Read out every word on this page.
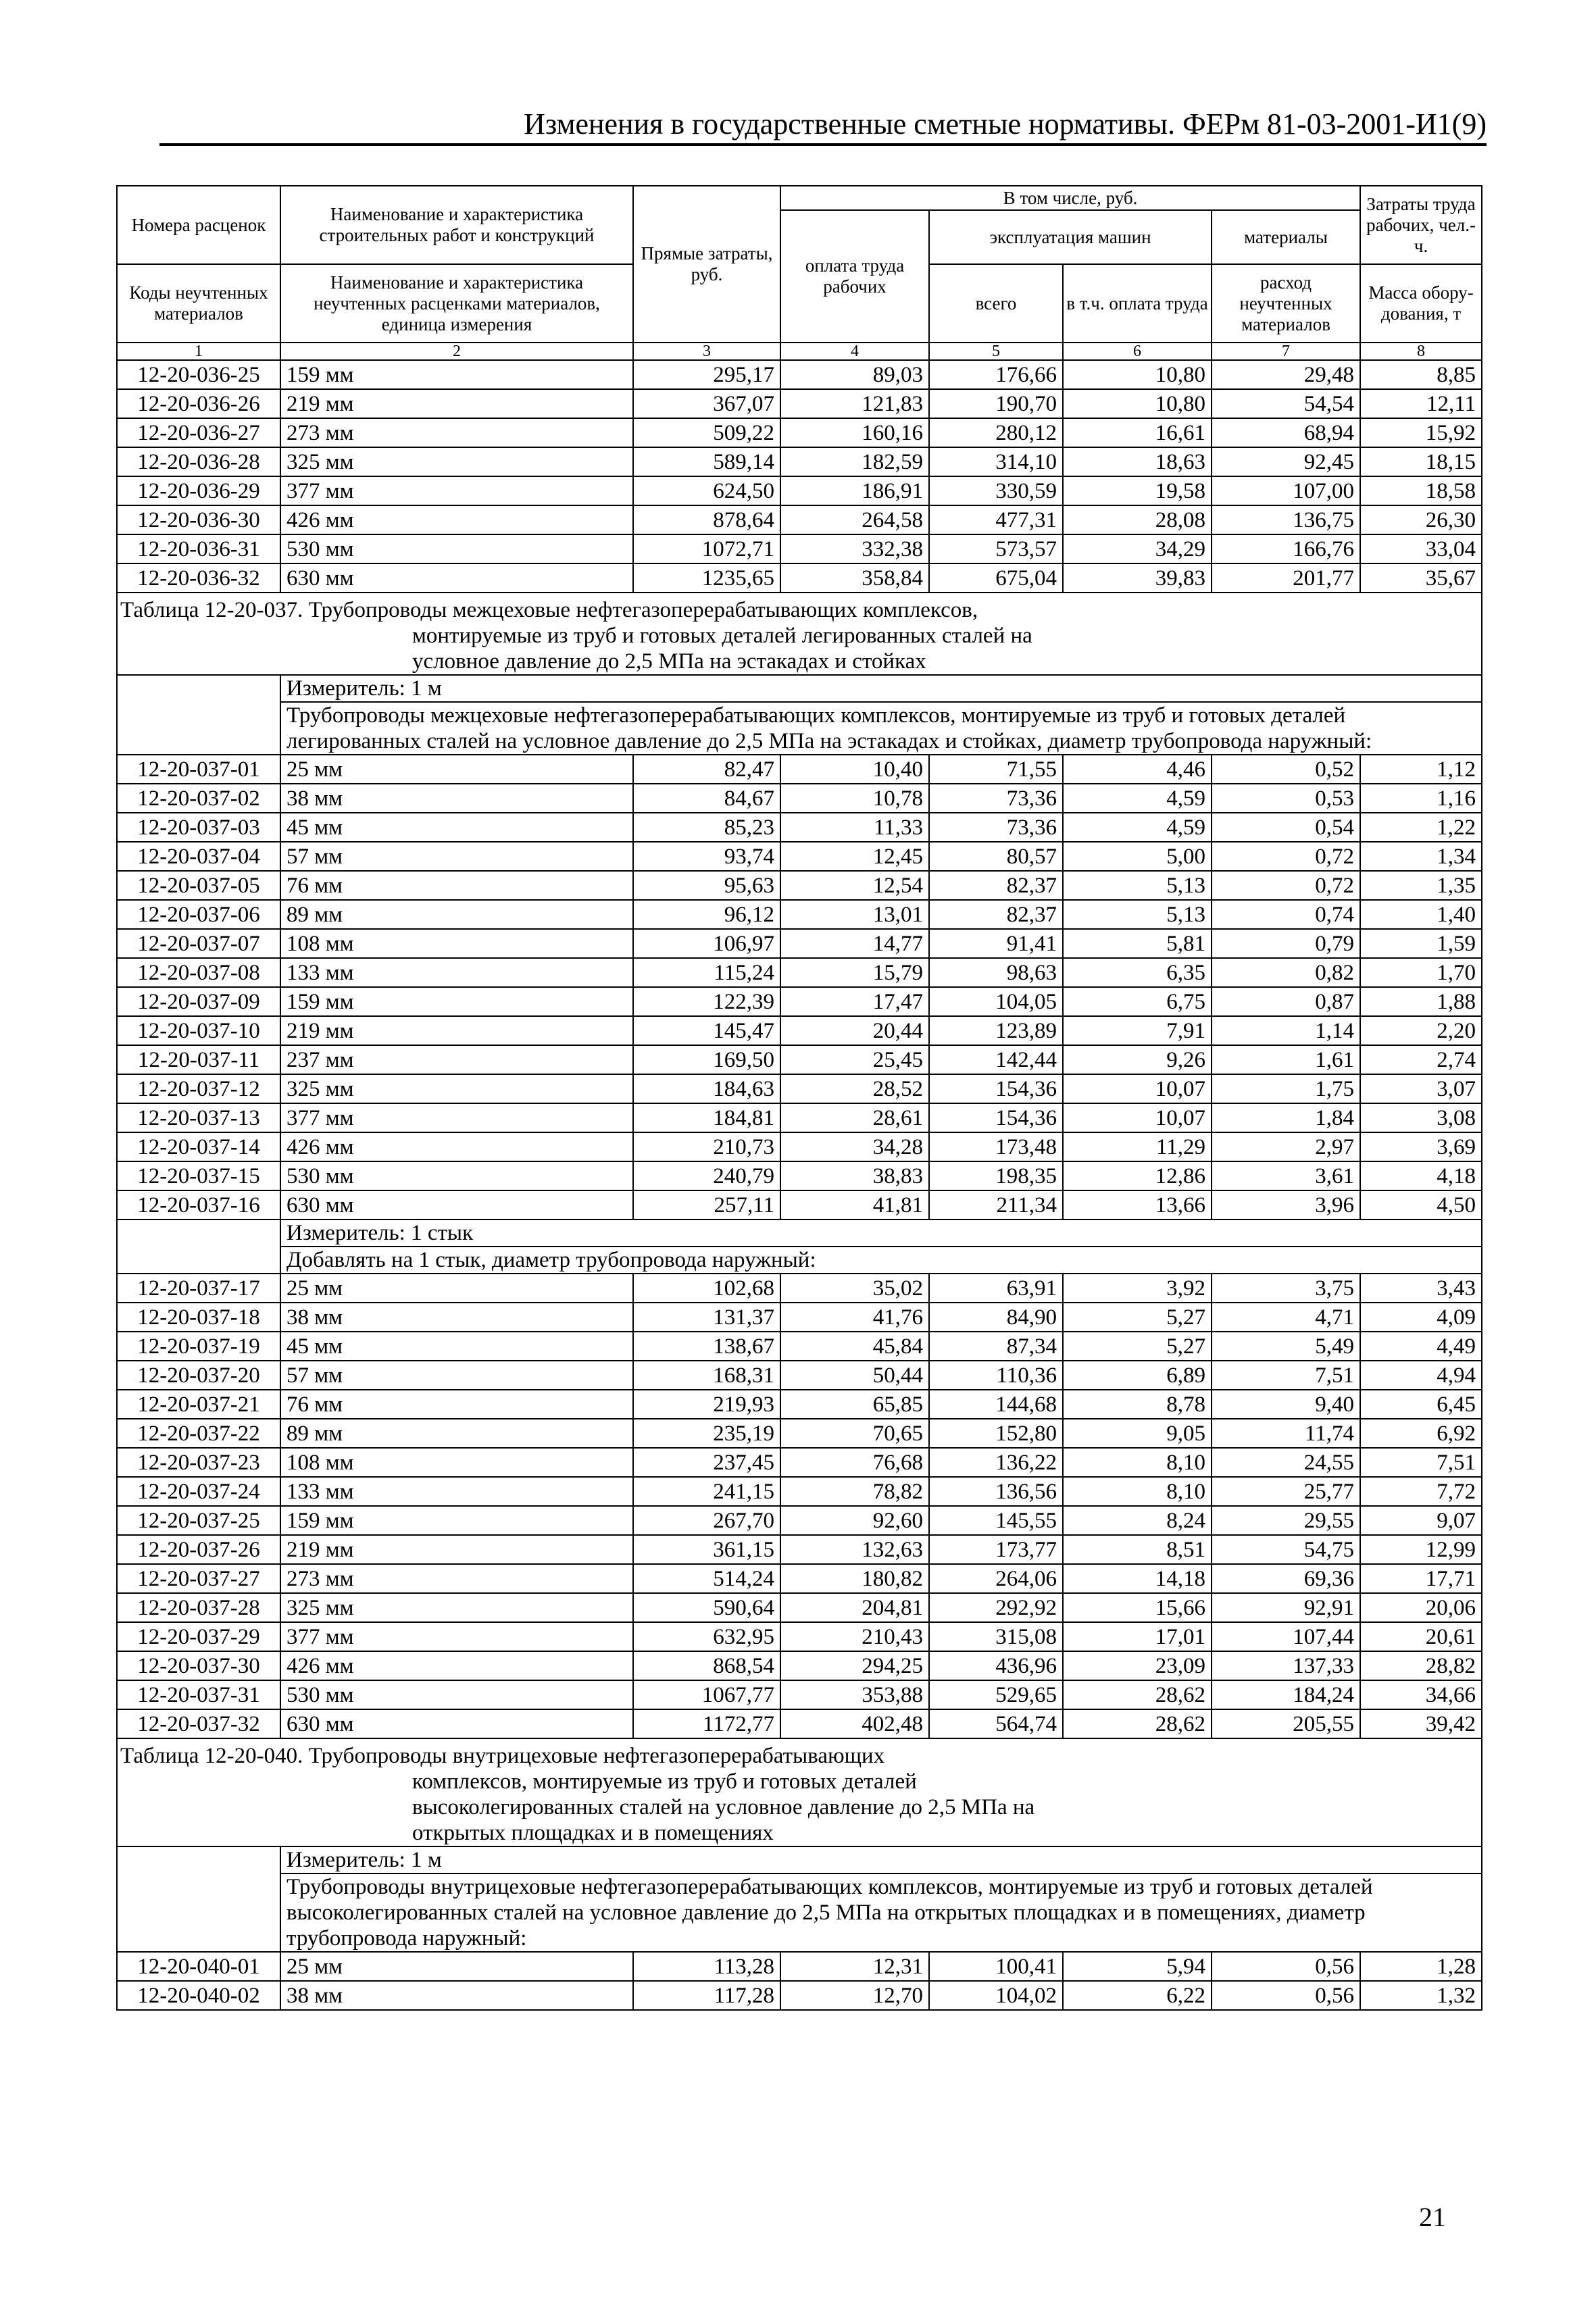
Изменения в государственные сметные нормативы. ФЕРм 81-03-2001-И1(9)
Номера расценок	Наименование и характеристика строительных работ и конструкций	Прямые затраты, руб.	В том числе, руб.				Затраты труда рабочих, чел.-ч.
			оплата труда рабочих	эксплуатация машин		материалы	
Коды неучтенных материалов	Наименование и характеристика неучтенных расценками материалов, единица измерения			всего	в т.ч. оплата труда	расход неучтенных материалов	Масса обору-дования, т
1	2	3	4	5	6	7	8
12-20-036-25	159 мм	295,17	89,03	176,66	10,80	29,48	8,85
12-20-036-26	219 мм	367,07	121,83	190,70	10,80	54,54	12,11
12-20-036-27	273 мм	509,22	160,16	280,12	16,61	68,94	15,92
12-20-036-28	325 мм	589,14	182,59	314,10	18,63	92,45	18,15
12-20-036-29	377 мм	624,50	186,91	330,59	19,58	107,00	18,58
12-20-036-30	426 мм	878,64	264,58	477,31	28,08	136,75	26,30
12-20-036-31	530 мм	1072,71	332,38	573,57	34,29	166,76	33,04
12-20-036-32	630 мм	1235,65	358,84	675,04	39,83	201,77	35,67

Таблица 12-20-037. Трубопроводы межцеховые нефтегазоперерабатывающих комплексов,
монтируемые из труб и готовых деталей легированных сталей на
условное давление до 2,5 МПа на эстакадах и стойках							

	Измеритель: 1 м						
	Трубопроводы межцеховые нефтегазоперерабатывающих комплексов, монтируемые из труб и готовых деталей легированных сталей на условное давление до 2,5 МПа на эстакадах и стойках, диаметр трубопровода наружный:						
12-20-037-01	25 мм	82,47	10,40	71,55	4,46	0,52	1,12
12-20-037-02	38 мм	84,67	10,78	73,36	4,59	0,53	1,16
12-20-037-03	45 мм	85,23	11,33	73,36	4,59	0,54	1,22
12-20-037-04	57 мм	93,74	12,45	80,57	5,00	0,72	1,34
12-20-037-05	76 мм	95,63	12,54	82,37	5,13	0,72	1,35
12-20-037-06	89 мм	96,12	13,01	82,37	5,13	0,74	1,40
12-20-037-07	108 мм	106,97	14,77	91,41	5,81	0,79	1,59
12-20-037-08	133 мм	115,24	15,79	98,63	6,35	0,82	1,70
12-20-037-09	159 мм	122,39	17,47	104,05	6,75	0,87	1,88
12-20-037-10	219 мм	145,47	20,44	123,89	7,91	1,14	2,20
12-20-037-11	237 мм	169,50	25,45	142,44	9,26	1,61	2,74
12-20-037-12	325 мм	184,63	28,52	154,36	10,07	1,75	3,07
12-20-037-13	377 мм	184,81	28,61	154,36	10,07	1,84	3,08
12-20-037-14	426 мм	210,73	34,28	173,48	11,29	2,97	3,69
12-20-037-15	530 мм	240,79	38,83	198,35	12,86	3,61	4,18
12-20-037-16	630 мм	257,11	41,81	211,34	13,66	3,96	4,50
	Измеритель: 1 стык						
	Добавлять на 1 стык, диаметр трубопровода наружный:						
12-20-037-17	25 мм	102,68	35,02	63,91	3,92	3,75	3,43
12-20-037-18	38 мм	131,37	41,76	84,90	5,27	4,71	4,09
12-20-037-19	45 мм	138,67	45,84	87,34	5,27	5,49	4,49
12-20-037-20	57 мм	168,31	50,44	110,36	6,89	7,51	4,94
12-20-037-21	76 мм	219,93	65,85	144,68	8,78	9,40	6,45
12-20-037-22	89 мм	235,19	70,65	152,80	9,05	11,74	6,92
12-20-037-23	108 мм	237,45	76,68	136,22	8,10	24,55	7,51
12-20-037-24	133 мм	241,15	78,82	136,56	8,10	25,77	7,72
12-20-037-25	159 мм	267,70	92,60	145,55	8,24	29,55	9,07
12-20-037-26	219 мм	361,15	132,63	173,77	8,51	54,75	12,99
12-20-037-27	273 мм	514,24	180,82	264,06	14,18	69,36	17,71
12-20-037-28	325 мм	590,64	204,81	292,92	15,66	92,91	20,06
12-20-037-29	377 мм	632,95	210,43	315,08	17,01	107,44	20,61
12-20-037-30	426 мм	868,54	294,25	436,96	23,09	137,33	28,82
12-20-037-31	530 мм	1067,77	353,88	529,65	28,62	184,24	34,66
12-20-037-32	630 мм	1172,77	402,48	564,74	28,62	205,55	39,42

Таблица 12-20-040. Трубопроводы внутрицеховые нефтегазоперерабатывающих
комплексов, монтируемые из труб и готовых деталей
высоколегированных сталей на условное давление до 2,5 МПа на
открытых площадках и в помещениях							

	Измеритель: 1 м						
	Трубопроводы внутрицеховые нефтегазоперерабатывающих комплексов, монтируемые из труб и готовых деталей высоколегированных сталей на условное давление до 2,5 МПа на открытых площадках и в помещениях, диаметр трубопровода наружный:						
12-20-040-01	25 мм	113,28	12,31	100,41	5,94	0,56	1,28
12-20-040-02	38 мм	117,28	12,70	104,02	6,22	0,56	1,32
21
